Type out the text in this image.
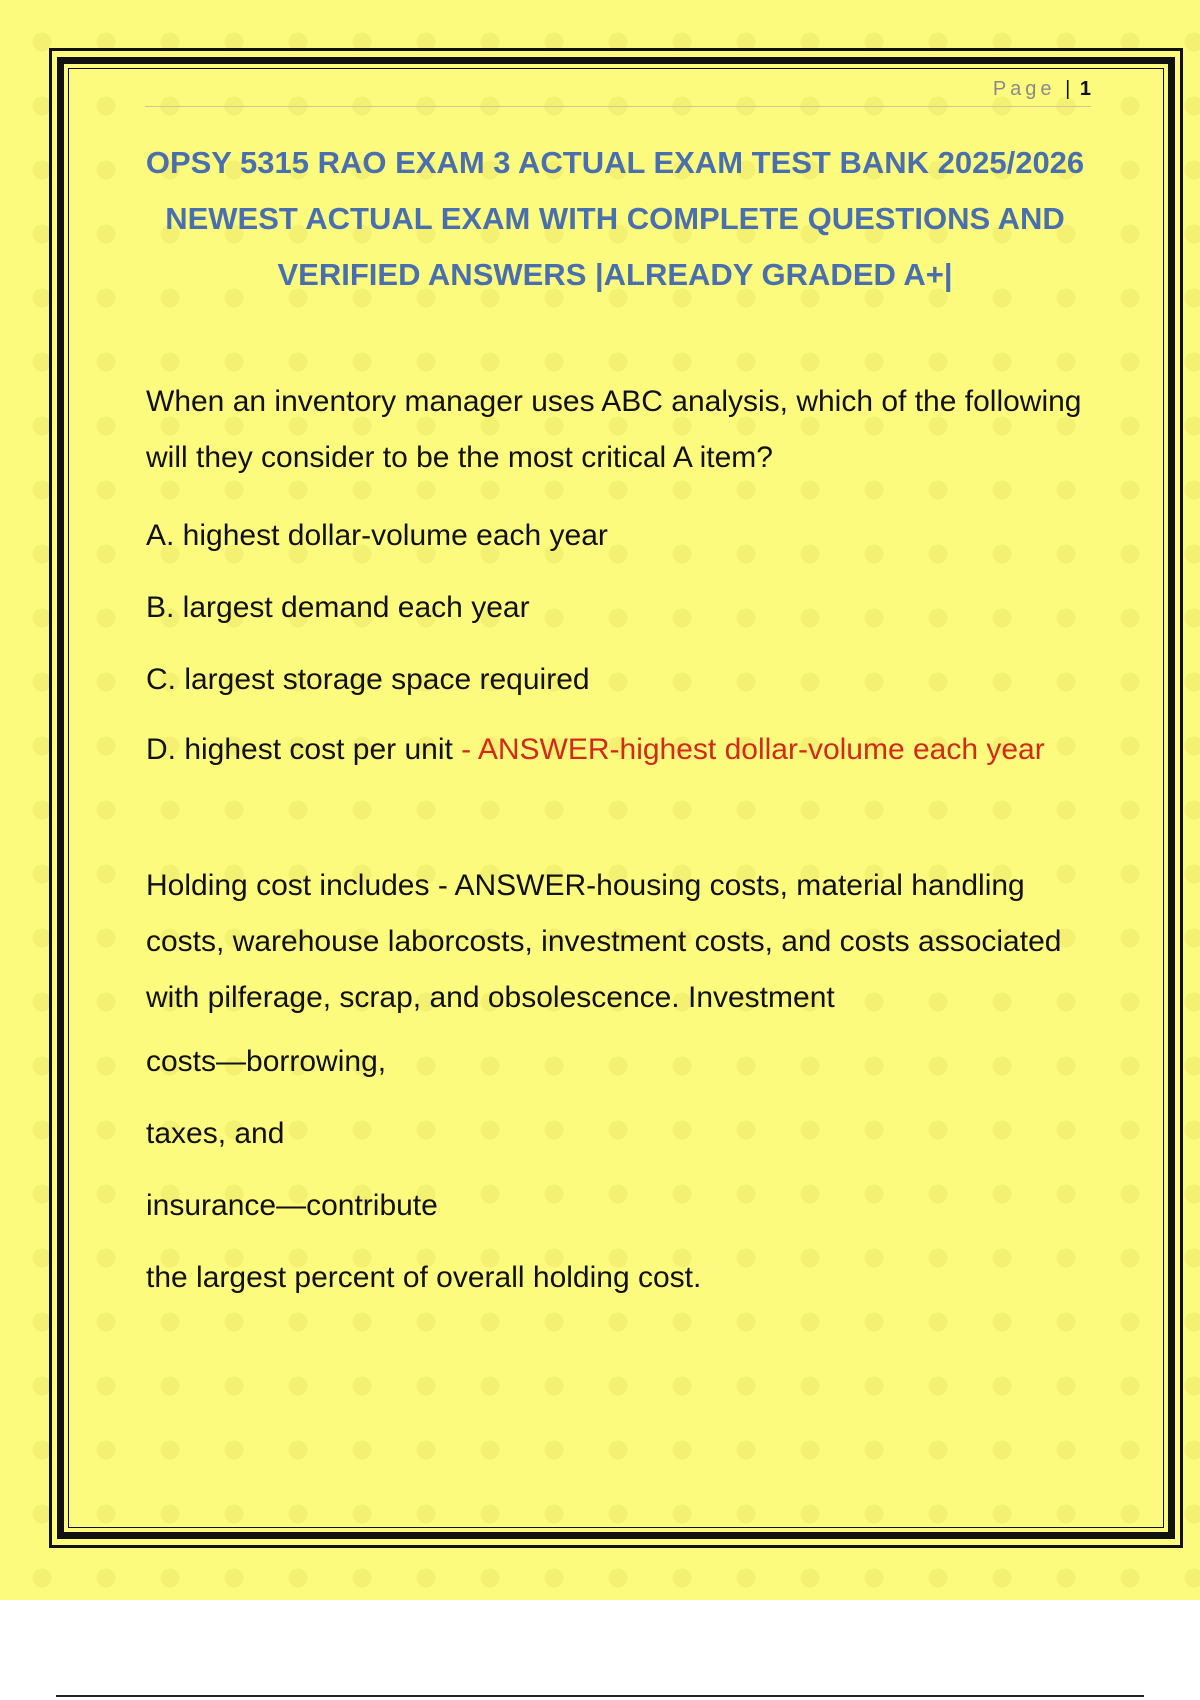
Page | 1
OPSY 5315 RAO EXAM 3 ACTUAL EXAM TEST BANK 2025/2026 NEWEST ACTUAL EXAM WITH COMPLETE QUESTIONS AND VERIFIED ANSWERS |ALREADY GRADED A+|

When an inventory manager uses ABC analysis, which of the following will they consider to be the most critical A item?

A. highest dollar-volume each year

B. largest demand each year

C. largest storage space required

D. highest cost per unit - ANSWER-highest dollar-volume each year

Holding cost includes - ANSWER-housing costs, material handling costs, warehouse laborcosts, investment costs, and costs associated with pilferage, scrap, and obsolescence. Investment

costs—borrowing,

taxes, and

insurance—contribute

the largest percent of overall holding cost.
